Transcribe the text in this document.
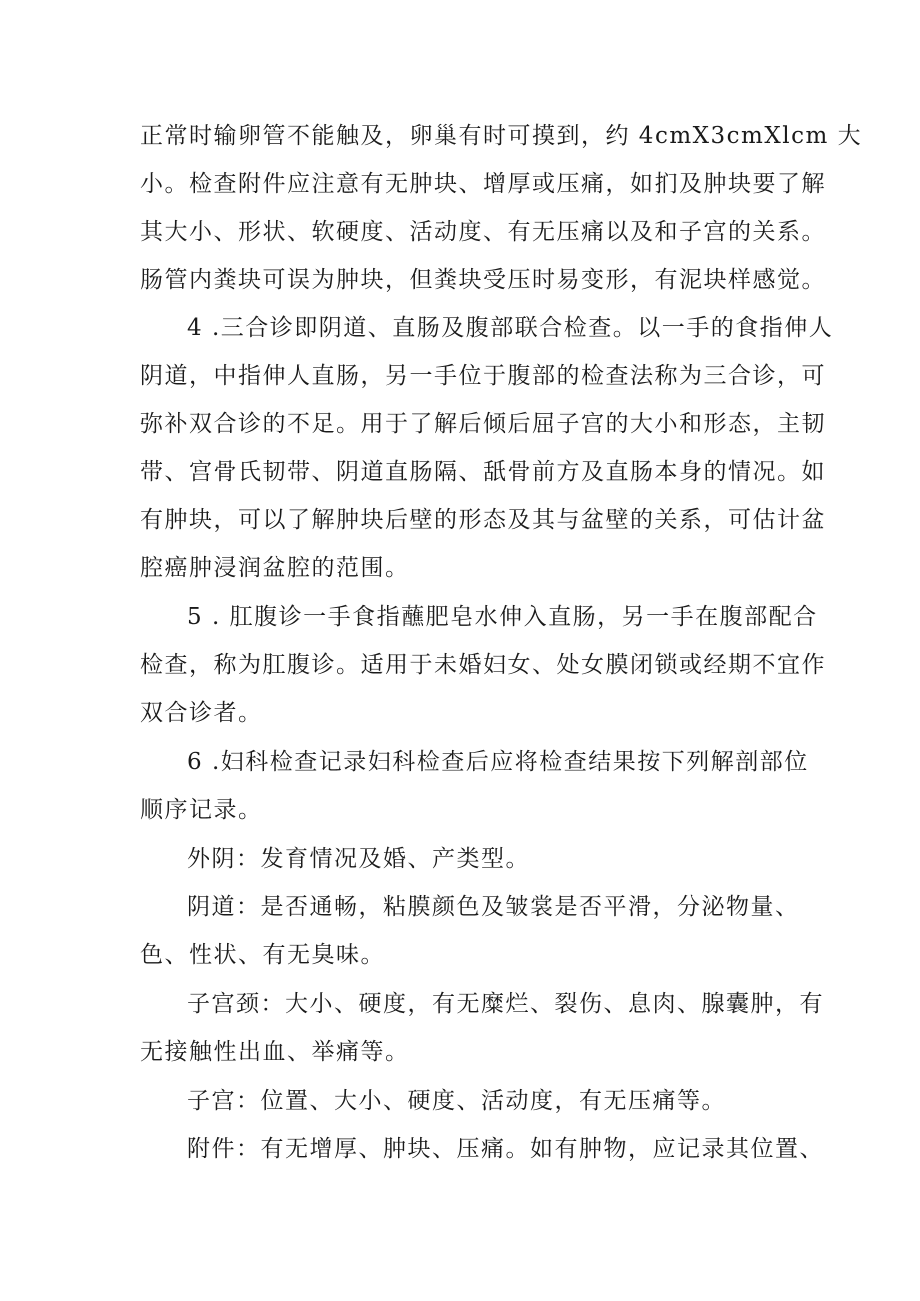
正常时输卵管不能触及，卵巢有时可摸到，约 4cmX3cmXlcm 大
小。检查附件应注意有无肿块、增厚或压痛，如扪及肿块要了解
其大小、形状、软硬度、活动度、有无压痛以及和子宫的关系。
肠管内粪块可误为肿块，但粪块受压时易变形，有泥块样感觉。

4 .三合诊即阴道、直肠及腹部联合检查。以一手的食指伸人
阴道，中指伸人直肠，另一手位于腹部的检查法称为三合诊，可
弥补双合诊的不足。用于了解后倾后屈子宫的大小和形态，主韧
带、宫骨氏韧带、阴道直肠隔、舐骨前方及直肠本身的情况。如
有肿块，可以了解肿块后壁的形态及其与盆壁的关系，可估计盆
腔癌肿浸润盆腔的范围。

5 . 肛腹诊一手食指蘸肥皂水伸入直肠，另一手在腹部配合
检查，称为肛腹诊。适用于未婚妇女、处女膜闭锁或经期不宜作
双合诊者。

6 .妇科检查记录妇科检查后应将检查结果按下列解剖部位
顺序记录。

外阴：发育情况及婚、产类型。

阴道：是否通畅，粘膜颜色及皱裳是否平滑，分泌物量、
色、性状、有无臭味。

子宫颈：大小、硬度，有无糜烂、裂伤、息肉、腺囊肿，有
无接触性出血、举痛等。

子宫：位置、大小、硬度、活动度，有无压痛等。

附件：有无增厚、肿块、压痛。如有肿物，应记录其位置、
